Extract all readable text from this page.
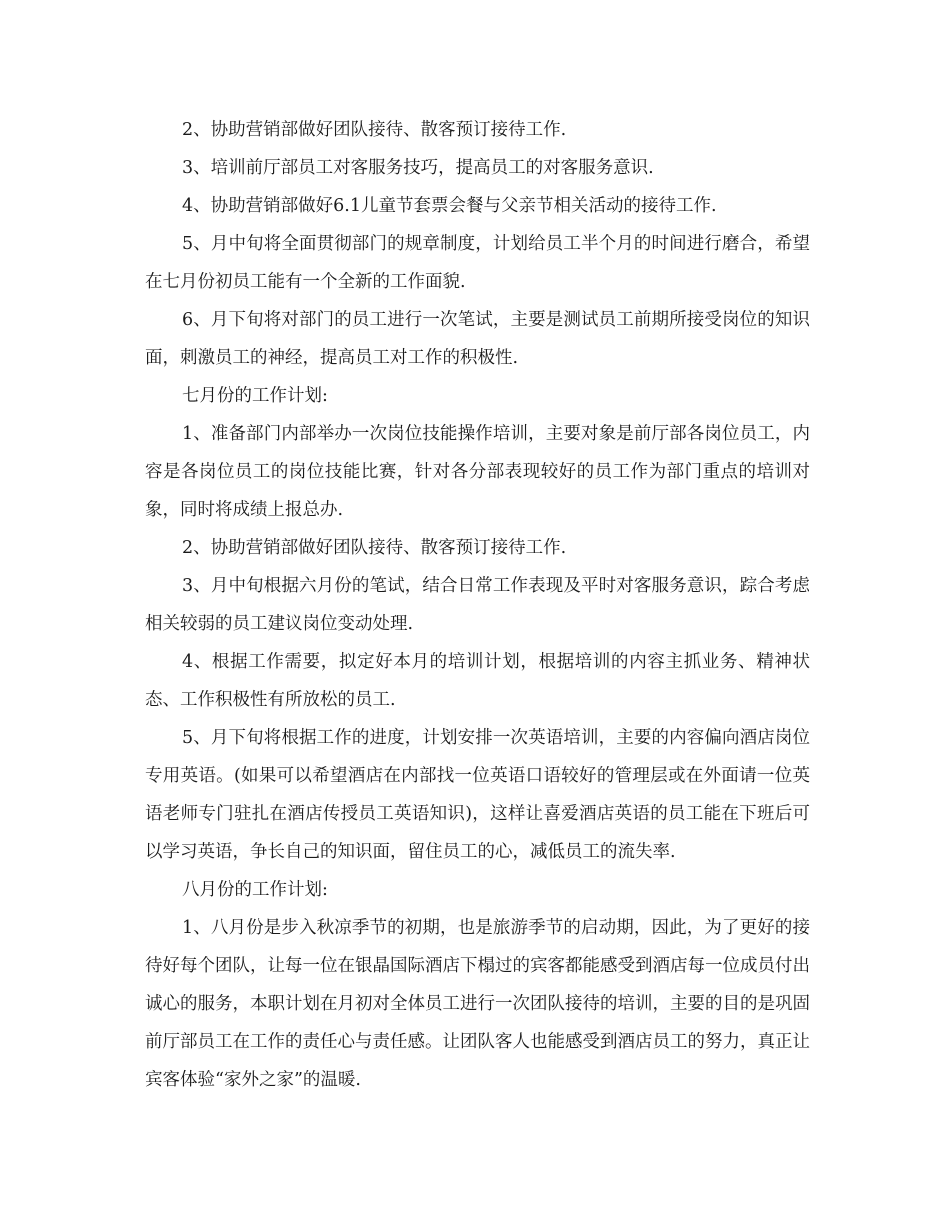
2、协助营销部做好团队接待、散客预订接待工作.

3、培训前厅部员工对客服务技巧，提高员工的对客服务意识.

4、协助营销部做好6.1儿童节套票会餐与父亲节相关活动的接待工作.

5、月中旬将全面贯彻部门的规章制度，计划给员工半个月的时间进行磨合，希望在七月份初员工能有一个全新的工作面貌.

6、月下旬将对部门的员工进行一次笔试，主要是测试员工前期所接受岗位的知识面，刺激员工的神经，提高员工对工作的积极性.

七月份的工作计划:

1、准备部门内部举办一次岗位技能操作培训，主要对象是前厅部各岗位员工，内容是各岗位员工的岗位技能比赛，针对各分部表现较好的员工作为部门重点的培训对象，同时将成绩上报总办.

2、协助营销部做好团队接待、散客预订接待工作.

3、月中旬根据六月份的笔试，结合日常工作表现及平时对客服务意识，踪合考虑相关较弱的员工建议岗位变动处理.

4、根据工作需要，拟定好本月的培训计划，根据培训的内容主抓业务、精神状态、工作积极性有所放松的员工.

5、月下旬将根据工作的进度，计划安排一次英语培训，主要的内容偏向酒店岗位专用英语。(如果可以希望酒店在内部找一位英语口语较好的管理层或在外面请一位英语老师专门驻扎在酒店传授员工英语知识)，这样让喜爱酒店英语的员工能在下班后可以学习英语，争长自己的知识面，留住员工的心，减低员工的流失率.

八月份的工作计划:

1、八月份是步入秋凉季节的初期，也是旅游季节的启动期，因此，为了更好的接待好每个团队，让每一位在银晶国际酒店下榻过的宾客都能感受到酒店每一位成员付出诚心的服务，本职计划在月初对全体员工进行一次团队接待的培训，主要的目的是巩固前厅部员工在工作的责任心与责任感。让团队客人也能感受到酒店员工的努力，真正让宾客体验“家外之家”的温暖.
